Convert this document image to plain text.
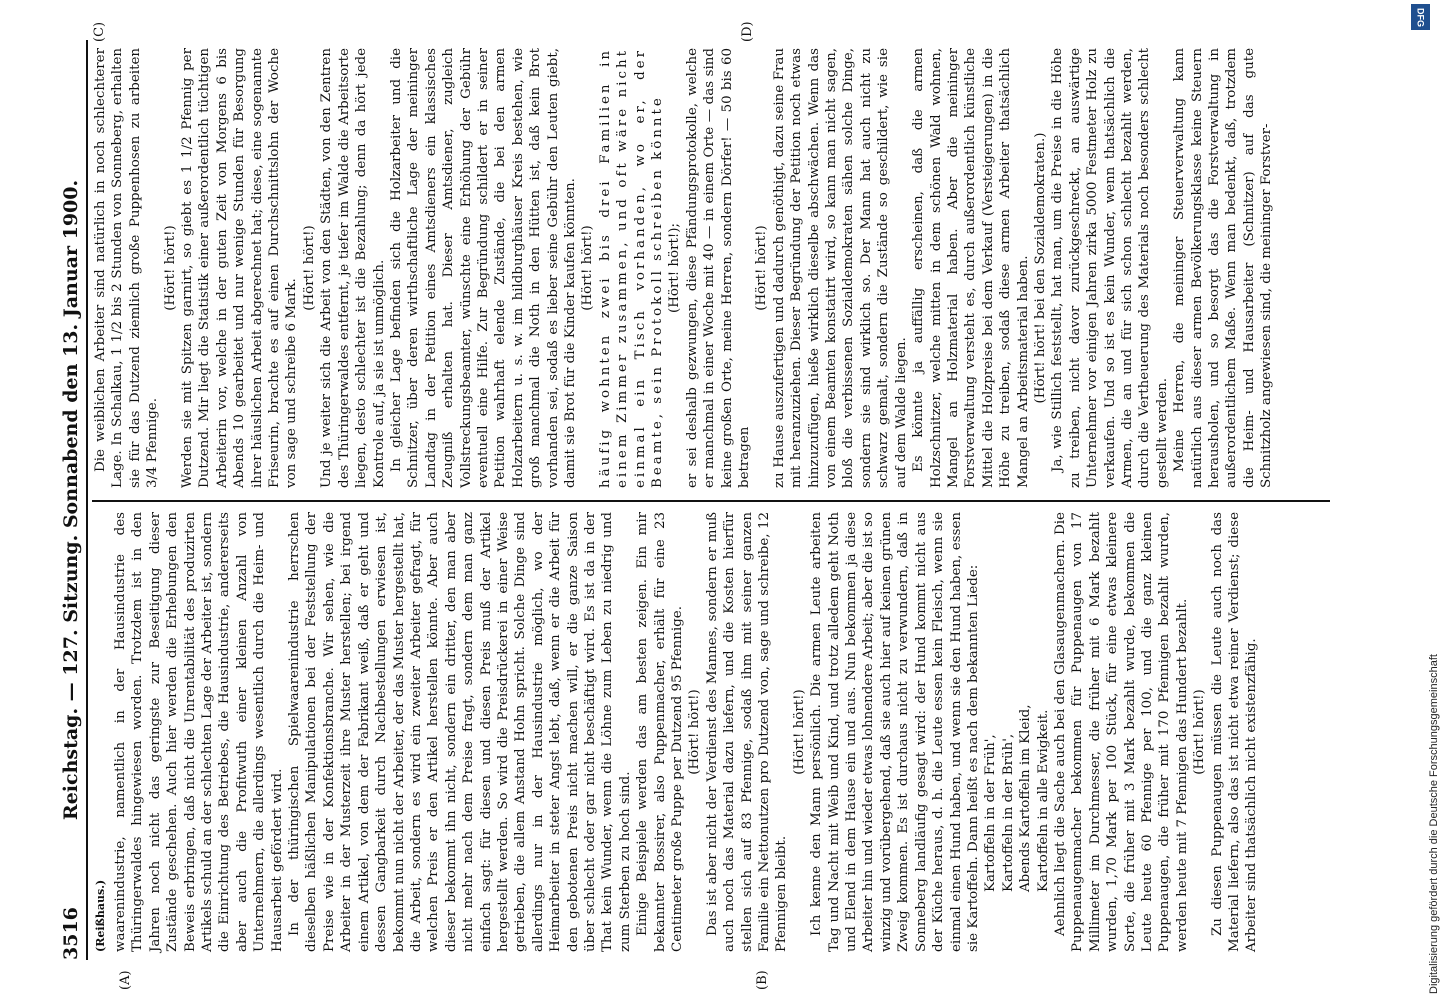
3516
Reichstag. — 127. Sitzung. Sonnabend den 13. Januar 1900.
(Reißhaus.)
(A)	(B)
(C)	(D)

waarenindustrie, namentlich in der Hausindustrie des Thüringerwaldes hingewiesen worden. Trotzdem ist in den Jahren noch nicht das geringste zur Beseitigung dieser Zustände geschehen. Auch hier werden die Erhebungen den Beweis erbringen, daß nicht die Unrentabilität des produzirten Artikels schuld an der schlechten Lage der Arbeiter ist, sondern die Einrichtung des Betriebes, die Hausindustrie, andererseits aber auch die Profitwuth einer kleinen Anzahl von Unternehmern, die allerdings wesentlich durch die Heim- und Hausarbeit gefördert wird. In der thüringischen Spielwaarenindustrie herrschen dieselben häßlichen Manipulationen bei der Feststellung der Preise wie in der Konfektionsbranche. Wir sehen, wie die Arbeiter in der Musterzeit ihre Muster herstellen; bei irgend einem Artikel, von dem der Fabrikant weiß, daß er geht und dessen Gangbarkeit durch Nachbestellungen erwiesen ist, bekommt nun nicht der Arbeiter, der das Muster hergestellt hat, die Arbeit, sondern es wird ein zweiter Arbeiter gefragt, für welchen Preis er den Artikel herstellen könnte. Aber auch dieser bekommt ihn nicht, sondern ein dritter, den man aber nicht mehr nach dem Preise fragt, sondern dem man ganz einfach sagt: für diesen und diesen Preis muß der Artikel hergestellt werden. So wird die Preisdrückerei in einer Weise getrieben, die allem Anstand Hohn spricht. Solche Dinge sind allerdings nur in der Hausindustrie möglich, wo der Heimarbeiter in steter Angst lebt, daß, wenn er die Arbeit für den gebotenen Preis nicht machen will, er die ganze Saison über schlecht oder gar nicht beschäftigt wird. Es ist da in der That kein Wunder, wenn die Löhne zum Leben zu niedrig und zum Sterben zu hoch sind. Einige Beispiele werden das am besten zeigen. Ein mir bekannter Bossirer, also Puppenmacher, erhält für eine 23 Centimeter große Puppe per Dutzend 95 Pfennige. (Hört! hört!) Das ist aber nicht der Verdienst des Mannes, sondern er muß auch noch das Material dazu liefern, und die Kosten hierfür stellen sich auf 83 Pfennige, sodaß ihm mit seiner ganzen Familie ein Nettonutzen pro Dutzend von, sage und schreibe, 12 Pfennigen bleibt.

(Hört! hört!) Ich kenne den Mann persönlich. Die armen Leute arbeiten Tag und Nacht mit Weib und Kind, und trotz alledem geht Noth und Elend in dem Hause ein und aus. Nun bekommen ja diese Arbeiter hin und wieder etwas lohnendere Arbeit; aber die ist so winzig und vorübergehend, daß sie auch hier auf keinen grünen Zweig kommen. Es ist durchaus nicht zu verwundern, daß in Sonneberg landläufig gesagt wird: der Hund kommt nicht aus der Küche heraus, d. h. die Leute essen kein Fleisch, wenn sie einmal einen Hund haben, und wenn sie den Hund haben, essen sie Kartoffeln. Dann heißt es nach dem bekannten Liede: Kartoffeln in der Früh', Kartoffeln in der Brüh', Abends Kartoffeln im Kleid, Kartoffeln in alle Ewigkeit. Aehnlich liegt die Sache auch bei den Glasaugenmachern. Die Puppenaugenmacher bekommen für Puppenaugen von 17 Millimeter im Durchmesser, die früher mit 6 Mark bezahlt wurden, 1,70 Mark per 100 Stück, für eine etwas kleinere Sorte, die früher mit 3 Mark bezahlt wurde, bekommen die Leute heute 60 Pfennige per 100, und die ganz kleinen Puppenaugen, die früher mit 170 Pfennigen bezahlt wurden, werden heute mit 7 Pfennigen das Hundert bezahlt. (Hört! hört!) Zu diesen Puppenaugen müssen die Leute auch noch das Material liefern, also das ist nicht etwa reiner Verdienst; diese Arbeiter sind thatsächlich nicht existenzfähig.

Die weiblichen Arbeiter sind natürlich in noch schlechterer Lage. In Schalkau, 1 1/2 bis 2 Stunden von Sonneberg, erhalten sie für das Dutzend ziemlich große Puppenhosen zu arbeiten 3/4 Pfennige.

(Hört! hört!) Werden sie mit Spitzen garnirt, so giebt es 1 1/2 Pfennig per Dutzend. Mir liegt die Statistik einer außerordentlich tüchtigen Arbeiterin vor, welche in der guten Zeit von Morgens 6 bis Abends 10 gearbeitet und nur wenige Stunden für Besorgung ihrer häuslichen Arbeit abgerechnet hat; diese, eine sogenannte Friseurin, brachte es auf einen Durchschnittslohn der Woche von sage und schreibe 6 Mark.

(Hört! hört!) Und je weiter sich die Arbeit von den Städten, von den Zentren des Thüringerwaldes entfernt, je tiefer im Walde die Arbeitsorte liegen, desto schlechter ist die Bezahlung; denn da hört jede Kontrole auf, ja sie ist unmöglich. In gleicher Lage befinden sich die Holzarbeiter und die Schnitzer, über deren wirthschaftliche Lage der meininger Landtag in der Petition eines Amtsdieners ein klassisches Zeugniß erhalten hat. Dieser Amtsdiener, zugleich Vollstreckungsbeamter, wünschte eine Erhöhung der Gebühr eventuell eine Hilfe. Zur Begründung schildert er in seiner Petition wahrhaft elende Zustände, die bei den armen Holzarbeitern u. s. w. im hildburghäuser Kreis bestehen, wie groß manchmal die Noth in den Hütten ist, daß kein Brot vorhanden sei, sodaß es lieber seine Gebühr den Leuten giebt, damit sie Brot für die Kinder kaufen könnten. (Hört! hört!) häufig wohnten zwei bis drei Familien in einem Zimmer zusammen, und oft wäre nicht einmal ein Tisch vorhanden, wo er, der Beamte, sein Protokoll schreiben könnte (Hört! hört!); er sei deshalb gezwungen, diese Pfändungsprotokolle, welche er manchmal in einer Woche mit 40 — in einem Orte — das sind keine großen Orte, meine Herren, sondern Dörfer! — 50 bis 60 betragen

(Hört! hört!) zu Hause auszufertigen und dadurch genöthigt, dazu seine Frau mit heranzuziehen. Dieser Begründung der Petition noch etwas hinzuzufügen, hieße wirklich dieselbe abschwächen. Wenn das von einem Beamten konstatirt wird, so kann man nicht sagen, bloß die verbissenen Sozialdemokraten sähen solche Dinge, sondern sie sind wirklich so. Der Mann hat auch nicht zu schwarz gemalt, sondern die Zustände so geschildert, wie sie auf dem Walde liegen. Es könnte ja auffällig erscheinen, daß die armen Holzschnitzer, welche mitten in dem schönen Wald wohnen, Mangel an Holzmaterial haben. Aber die meininger Forstverwaltung versteht es, durch außerordentlich künstliche Mittel die Holzpreise bei dem Verkauf (Versteigerungen) in die Höhe zu treiben, sodaß diese armen Arbeiter thatsächlich Mangel an Arbeitsmaterial haben. (Hört! hört! bei den Sozialdemokraten.) Ja, wie Stillich feststellt, hat man, um die Preise in die Höhe zu treiben, nicht davor zurückgeschreckt, an auswärtige Unternehmer vor einigen Jahren zirka 5000 Festmeter Holz zu verkaufen. Und so ist es kein Wunder, wenn thatsächlich die Armen, die an und für sich schon schlecht bezahlt werden, durch die Vertheuerung des Materials noch besonders schlecht gestellt werden. Meine Herren, die meininger Steuerverwaltung kann natürlich aus dieser armen Bevölkerungsklasse keine Steuern herausholen, und so besorgt das die Forstverwaltung in außerordentlichem Maße. Wenn man bedenkt, daß, trotzdem die Heim- und Hausarbeiter (Schnitzer) auf das gute Schnitzholz angewiesen sind, die meininger Forstver-

Digitalisierung gefördert durch die Deutsche Forschungsgemeinschaft
DFG
